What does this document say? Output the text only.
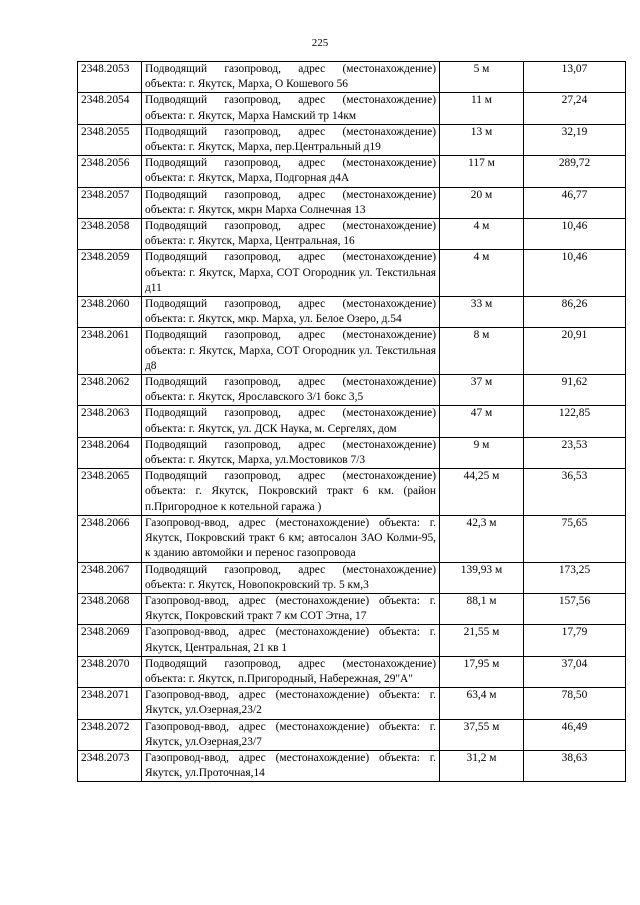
225
2348.2053	Подводящий газопровод, адрес (местонахождение) объекта: г. Якутск, Марха, О Кошевого 56	5 м	13,07
2348.2054	Подводящий газопровод, адрес (местонахождение) объекта: г. Якутск, Марха Намский тр 14км	11 м	27,24
2348.2055	Подводящий газопровод, адрес (местонахождение) объекта: г. Якутск, Марха, пер.Центральный д19	13 м	32,19
2348.2056	Подводящий газопровод, адрес (местонахождение) объекта: г. Якутск, Марха, Подгорная д4А	117 м	289,72
2348.2057	Подводящий газопровод, адрес (местонахождение) объекта: г. Якутск, мкрн Марха Солнечная 13	20 м	46,77
2348.2058	Подводящий газопровод, адрес (местонахождение) объекта: г. Якутск, Марха, Центральная, 16	4 м	10,46
2348.2059	Подводящий газопровод, адрес (местонахождение) объекта: г. Якутск, Марха, СОТ Огородник ул. Текстильная д11	4 м	10,46
2348.2060	Подводящий газопровод, адрес (местонахождение) объекта: г. Якутск, мкр. Марха, ул. Белое Озеро, д.54	33 м	86,26
2348.2061	Подводящий газопровод, адрес (местонахождение) объекта: г. Якутск, Марха, СОТ Огородник ул. Текстильная д8	8 м	20,91
2348.2062	Подводящий газопровод, адрес (местонахождение) объекта: г. Якутск, Ярославского 3/1 бокс 3,5	37 м	91,62
2348.2063	Подводящий газопровод, адрес (местонахождение) объекта: г. Якутск, ул. ДСК Наука, м. Сергелях, дом	47 м	122,85
2348.2064	Подводящий газопровод, адрес (местонахождение) объекта: г. Якутск, Марха, ул.Мостовиков 7/3	9 м	23,53
2348.2065	Подводящий газопровод, адрес (местонахождение) объекта: г. Якутск, Покровский тракт 6 км. (район п.Пригородное к котельной гаража )	44,25 м	36,53
2348.2066	Газопровод-ввод, адрес (местонахождение) объекта: г. Якутск, Покровский тракт 6 км; автосалон ЗАО Колми-95, к зданию автомойки и перенос газопровода	42,3 м	75,65
2348.2067	Подводящий газопровод, адрес (местонахождение) объекта: г. Якутск, Новопокровский тр. 5 км,3	139,93 м	173,25
2348.2068	Газопровод-ввод, адрес (местонахождение) объекта: г. Якутск, Покровский тракт 7 км СОТ Этна, 17	88,1 м	157,56
2348.2069	Газопровод-ввод, адрес (местонахождение) объекта: г. Якутск, Центральная, 21 кв 1	21,55 м	17,79
2348.2070	Подводящий газопровод, адрес (местонахождение) объекта: г. Якутск, п.Пригородный, Набережная, 29"А"	17,95 м	37,04
2348.2071	Газопровод-ввод, адрес (местонахождение) объекта: г. Якутск, ул.Озерная,23/2	63,4 м	78,50
2348.2072	Газопровод-ввод, адрес (местонахождение) объекта: г. Якутск, ул.Озерная,23/7	37,55 м	46,49
2348.2073	Газопровод-ввод, адрес (местонахождение) объекта: г. Якутск, ул.Проточная,14	31,2 м	38,63
